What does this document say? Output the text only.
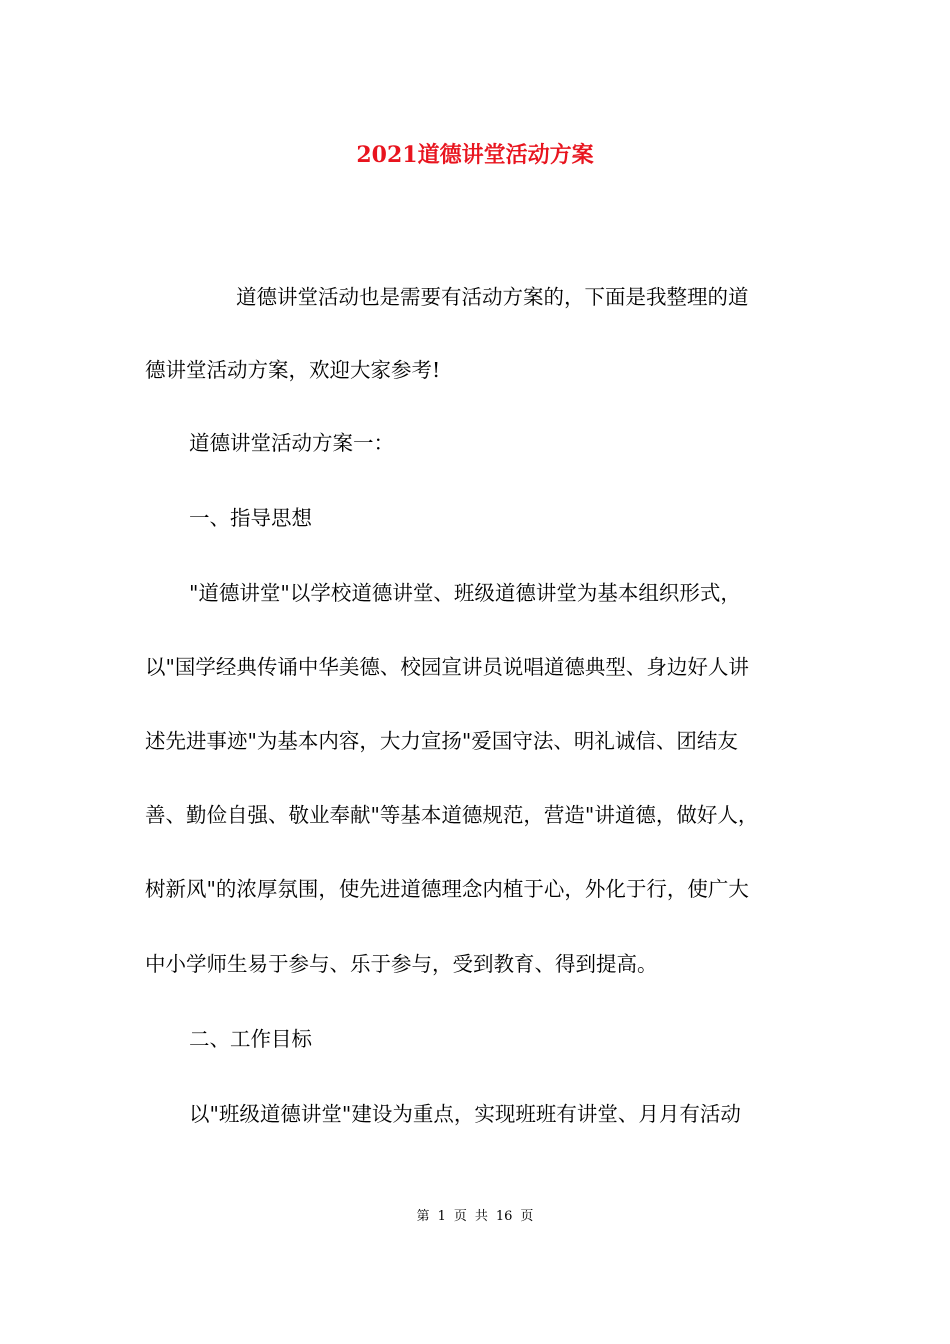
2021道德讲堂活动方案
道德讲堂活动也是需要有活动方案的，下面是我整理的道
德讲堂活动方案，欢迎大家参考!
道德讲堂活动方案一：
一、指导思想
"道德讲堂"以学校道德讲堂、班级道德讲堂为基本组织形式，
以"国学经典传诵中华美德、校园宣讲员说唱道德典型、身边好人讲
述先进事迹"为基本内容，大力宣扬"爱国守法、明礼诚信、团结友
善、勤俭自强、敬业奉献"等基本道德规范，营造"讲道德，做好人，
树新风"的浓厚氛围，使先进道德理念内植于心，外化于行，使广大
中小学师生易于参与、乐于参与，受到教育、得到提高。
二、工作目标
以"班级道德讲堂"建设为重点，实现班班有讲堂、月月有活动
第 1 页 共 16 页
